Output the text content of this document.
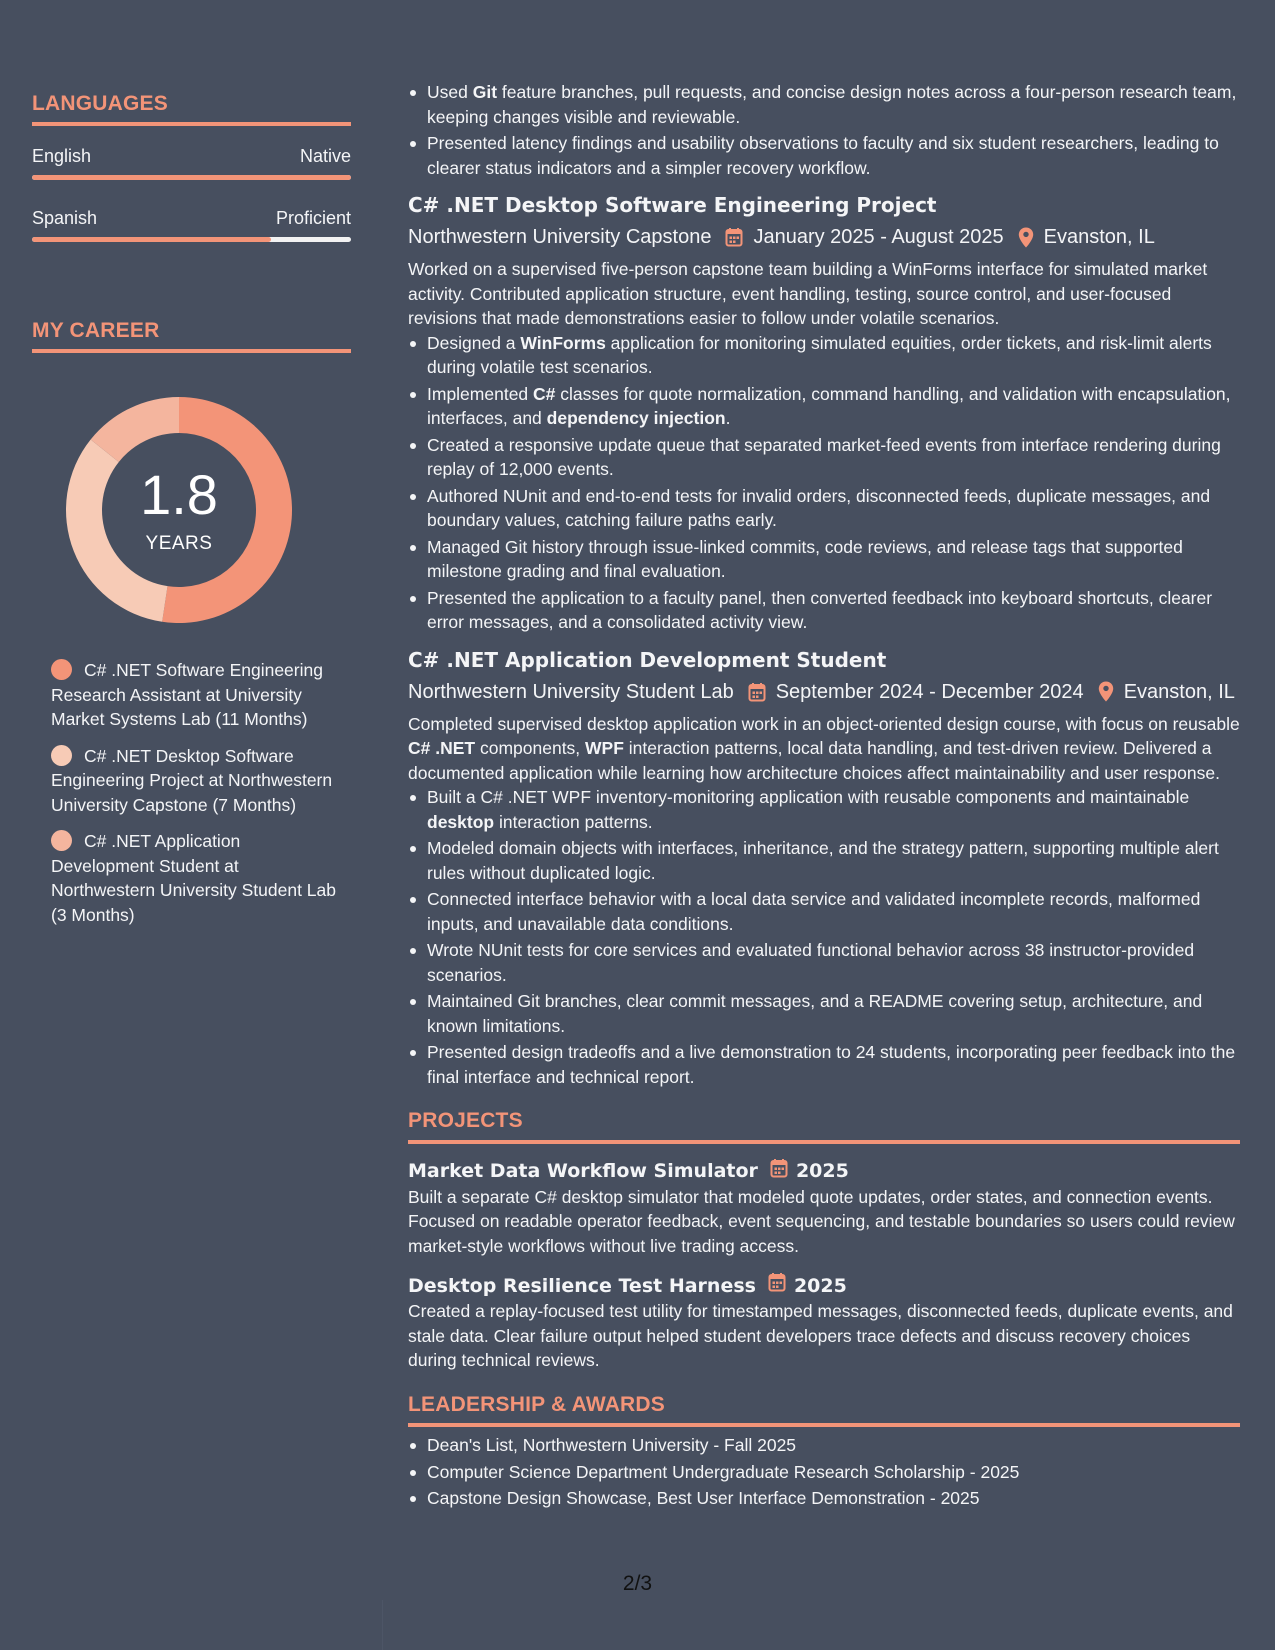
LANGUAGES
English	Native
Spanish	Proficient
MY CAREER
1.8
YEARS
C# .NET Software Engineering Research Assistant at University Market Systems Lab (11 Months)
C# .NET Desktop Software Engineering Project at Northwestern University Capstone (7 Months)
C# .NET Application Development Student at Northwestern University Student Lab (3 Months)
Used Git feature branches, pull requests, and concise design notes across a four-person research team, keeping changes visible and reviewable.
Presented latency findings and usability observations to faculty and six student researchers, leading to clearer status indicators and a simpler recovery workflow.
C# .NET Desktop Software Engineering Project
Northwestern University Capstone January 2025 - August 2025 Evanston, IL
Worked on a supervised five-person capstone team building a WinForms interface for simulated market activity. Contributed application structure, event handling, testing, source control, and user-focused revisions that made demonstrations easier to follow under volatile scenarios.
Designed a WinForms application for monitoring simulated equities, order tickets, and risk-limit alerts during volatile test scenarios.
Implemented C# classes for quote normalization, command handling, and validation with encapsulation, interfaces, and dependency injection.
Created a responsive update queue that separated market-feed events from interface rendering during replay of 12,000 events.
Authored NUnit and end-to-end tests for invalid orders, disconnected feeds, duplicate messages, and boundary values, catching failure paths early.
Managed Git history through issue-linked commits, code reviews, and release tags that supported milestone grading and final evaluation.
Presented the application to a faculty panel, then converted feedback into keyboard shortcuts, clearer error messages, and a consolidated activity view.
C# .NET Application Development Student
Northwestern University Student Lab September 2024 - December 2024 Evanston, IL
Completed supervised desktop application work in an object-oriented design course, with focus on reusable C# .NET components, WPF interaction patterns, local data handling, and test-driven review. Delivered a documented application while learning how architecture choices affect maintainability and user response.
Built a C# .NET WPF inventory-monitoring application with reusable components and maintainable desktop interaction patterns.
Modeled domain objects with interfaces, inheritance, and the strategy pattern, supporting multiple alert rules without duplicated logic.
Connected interface behavior with a local data service and validated incomplete records, malformed inputs, and unavailable data conditions.
Wrote NUnit tests for core services and evaluated functional behavior across 38 instructor-provided scenarios.
Maintained Git branches, clear commit messages, and a README covering setup, architecture, and known limitations.
Presented design tradeoffs and a live demonstration to 24 students, incorporating peer feedback into the final interface and technical report.
PROJECTS
Market Data Workflow Simulator 2025
Built a separate C# desktop simulator that modeled quote updates, order states, and connection events. Focused on readable operator feedback, event sequencing, and testable boundaries so users could review market-style workflows without live trading access.
Desktop Resilience Test Harness 2025
Created a replay-focused test utility for timestamped messages, disconnected feeds, duplicate events, and stale data. Clear failure output helped student developers trace defects and discuss recovery choices during technical reviews.
LEADERSHIP & AWARDS
Dean's List, Northwestern University - Fall 2025
Computer Science Department Undergraduate Research Scholarship - 2025
Capstone Design Showcase, Best User Interface Demonstration - 2025
2/3
